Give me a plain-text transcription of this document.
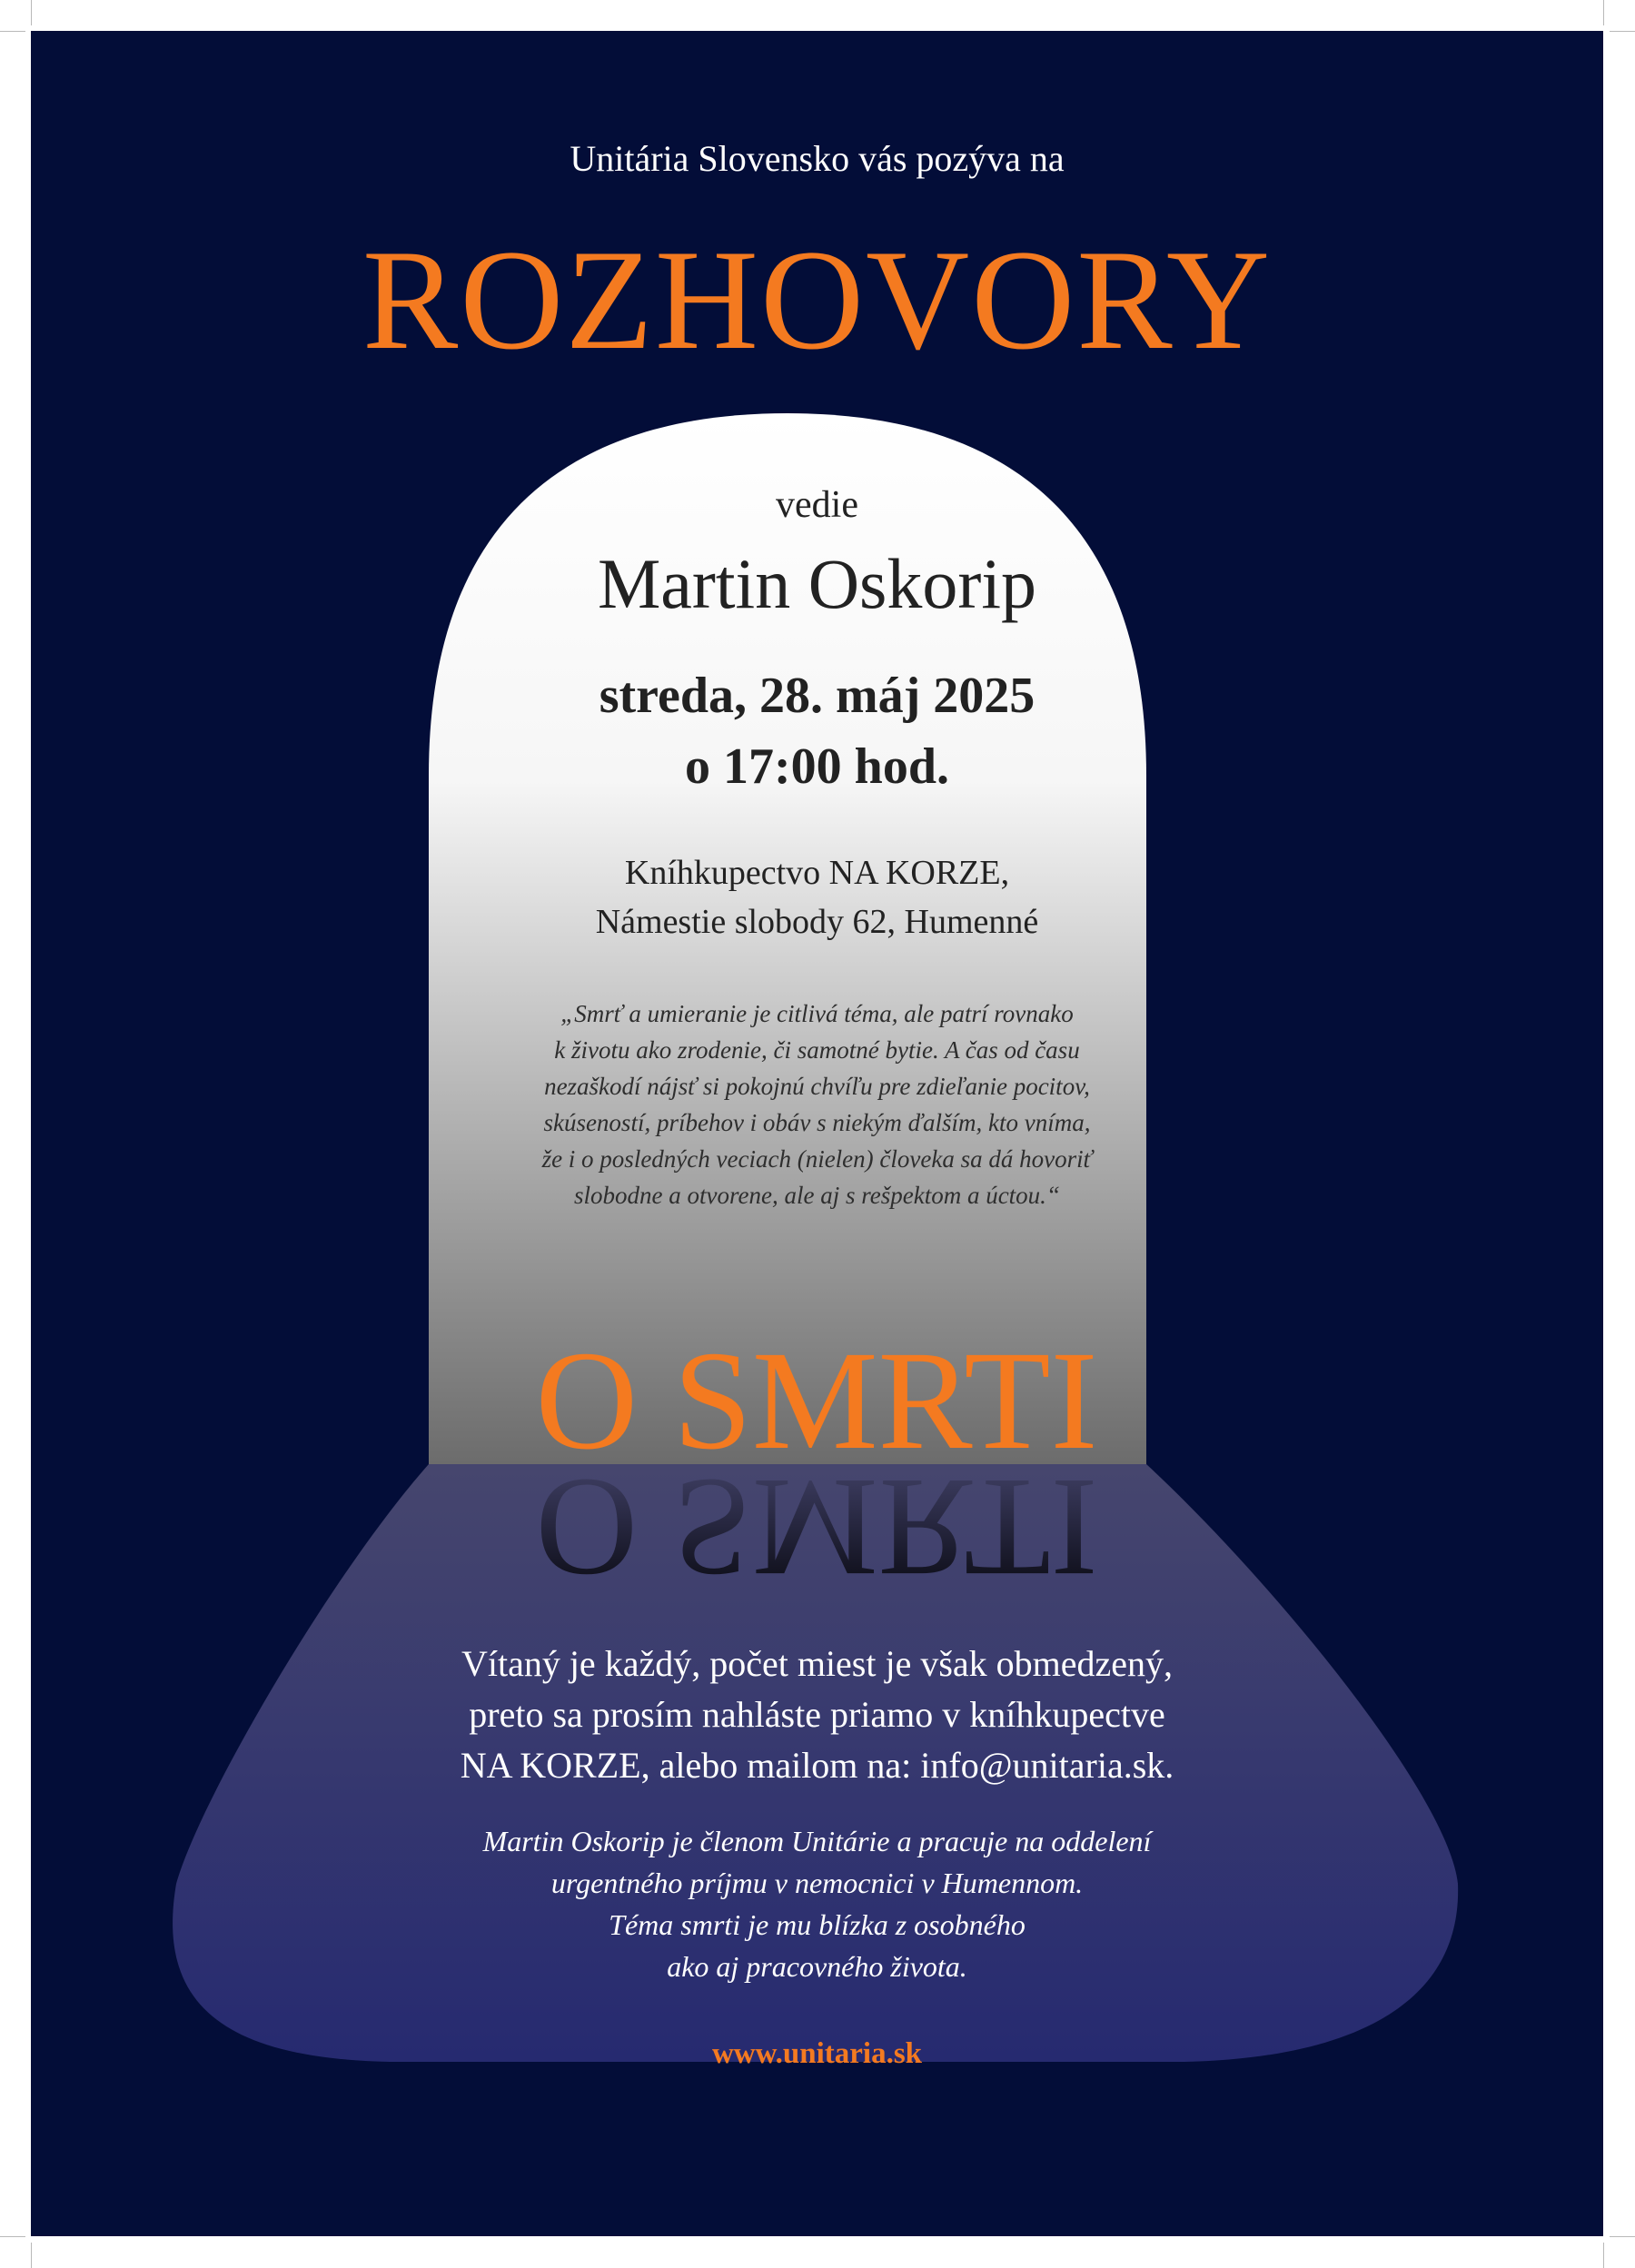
O SMRTI
O SMRTI
Unitária Slovensko vás pozýva na
ROZHOVORY
vedie
Martin Oskorip
streda, 28. máj 2025
o 17:00 hod.
Kníhkupectvo NA KORZE,
Námestie slobody 62, Humenné
„Smrť a umieranie je citlivá téma, ale patrí rovnako
k životu ako zrodenie, či samotné bytie. A čas od času
nezaškodí nájsť si pokojnú chvíľu pre zdieľanie pocitov,
skúseností, príbehov i obáv s niekým ďalším, kto vníma,
že i o posledných veciach (nielen) človeka sa dá hovoriť
slobodne a otvorene, ale aj s rešpektom a úctou.“
Vítaný je každý, počet miest je však obmedzený,
preto sa prosím nahláste priamo v kníhkupectve
NA KORZE, alebo mailom na: info@unitaria.sk.
Martin Oskorip je členom Unitárie a pracuje na oddelení
urgentného príjmu v nemocnici v Humennom.
Téma smrti je mu blízka z osobného
ako aj pracovného života.
www.unitaria.sk
